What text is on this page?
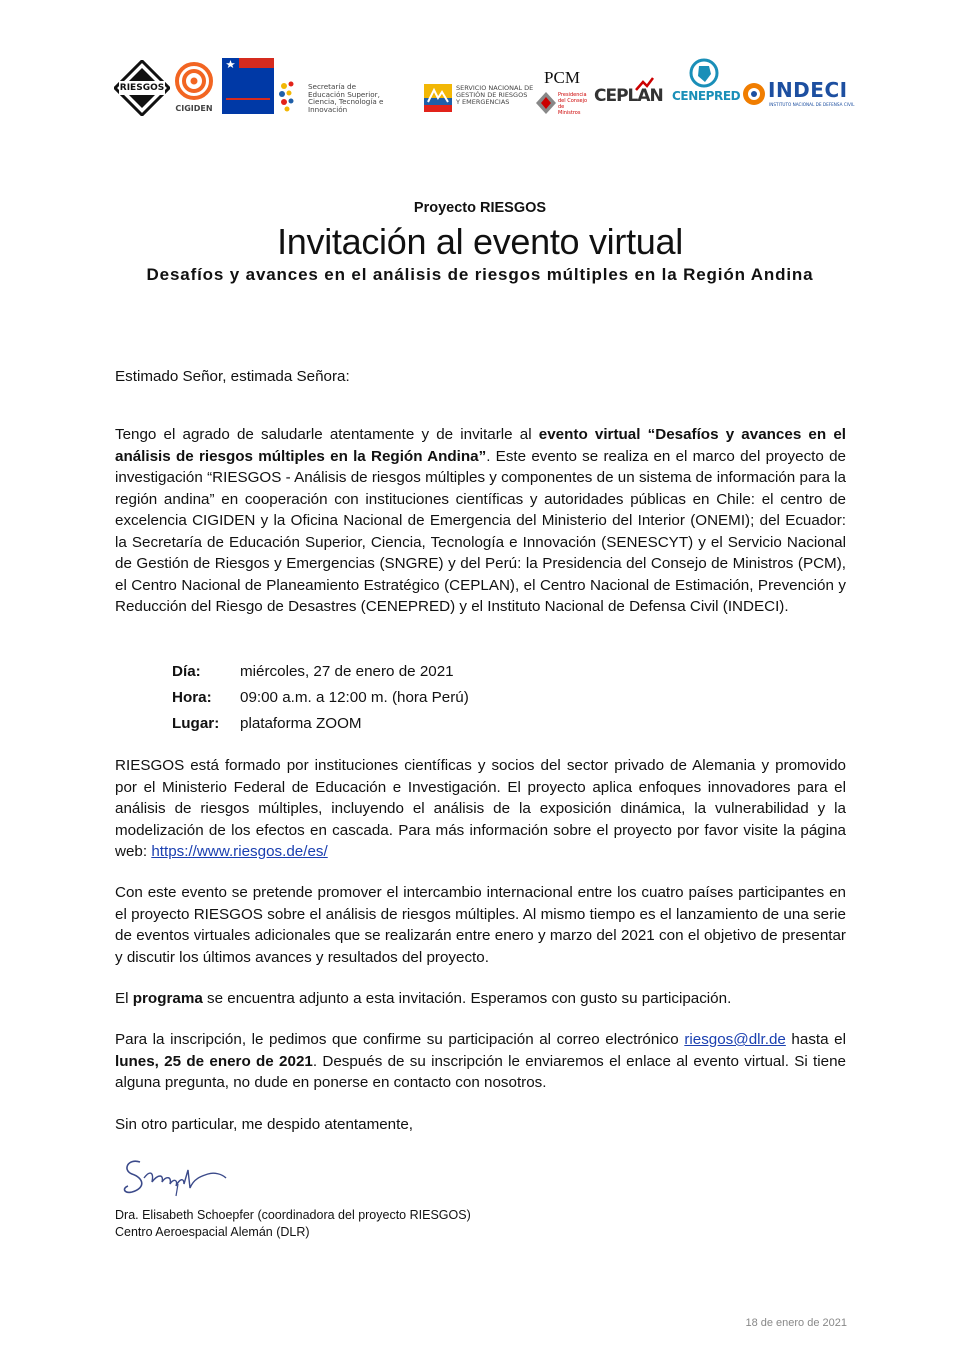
RIESGOS
CIGIDEN
Secretaría de
Educación Superior,
Ciencia, Tecnología e Innovación
SERVICIO NACIONAL DE
GESTIÓN DE RIESGOS
Y EMERGENCIAS
PCM
Presidencia
del Consejo
de Ministros
CEPLAN CENEPRED INDECI
INSTITUTO NACIONAL DE DEFENSA CIVIL
Proyecto RIESGOS
Invitación al evento virtual
Desafíos y avances en el análisis de riesgos múltiples en la Región Andina

Estimado Señor, estimada Señora:

Tengo el agrado de saludarle atentamente y de invitarle al evento virtual “Desafíos y avances en el análisis de riesgos múltiples en la Región Andina”. Este evento se realiza en el marco del proyecto de investigación “RIESGOS - Análisis de riesgos múltiples y componentes de un sistema de información para la región andina” en cooperación con instituciones científicas y autoridades públicas en Chile: el centro de excelencia CIGIDEN y la Oficina Nacional de Emergencia del Ministerio del Interior (ONEMI); del Ecuador: la Secretaría de Educación Superior, Ciencia, Tecnología e Innovación (SENESCYT) y el Servicio Nacional de Gestión de Riesgos y Emergencias (SNGRE) y del Perú: la Presidencia del Consejo de Ministros (PCM), el Centro Nacional de Planeamiento Estratégico (CEPLAN), el Centro Nacional de Estimación, Prevención y Reducción del Riesgo de Desastres (CENEPRED) y el Instituto Nacional de Defensa Civil (INDECI).

Día:	miércoles, 27 de enero de 2021
Hora: 09:00 a.m. a 12:00 m. (hora Perú)
Lugar: plataforma ZOOM

RIESGOS está formado por instituciones científicas y socios del sector privado de Alemania y promovido por el Ministerio Federal de Educación e Investigación. El proyecto aplica enfoques innovadores para el análisis de riesgos múltiples, incluyendo el análisis de la exposición dinámica, la vulnerabilidad y la modelización de los efectos en cascada. Para más información sobre el proyecto por favor visite la página web: https://www.riesgos.de/es/

Con este evento se pretende promover el intercambio internacional entre los cuatro países participantes en el proyecto RIESGOS sobre el análisis de riesgos múltiples. Al mismo tiempo es el lanzamiento de una serie de eventos virtuales adicionales que se realizarán entre enero y marzo del 2021 con el objetivo de presentar y discutir los últimos avances y resultados del proyecto.

El programa se encuentra adjunto a esta invitación. Esperamos con gusto su participación.

Para la inscripción, le pedimos que confirme su participación al correo electrónico riesgos@dlr.de hasta el lunes, 25 de enero de 2021. Después de su inscripción le enviaremos el enlace al evento virtual. Si tiene alguna pregunta, no dude en ponerse en contacto con nosotros.

Sin otro particular, me despido atentamente,

Dra. Elisabeth Schoepfer (coordinadora del proyecto RIESGOS)
Centro Aeroespacial Alemán (DLR)
18 de enero de 2021
